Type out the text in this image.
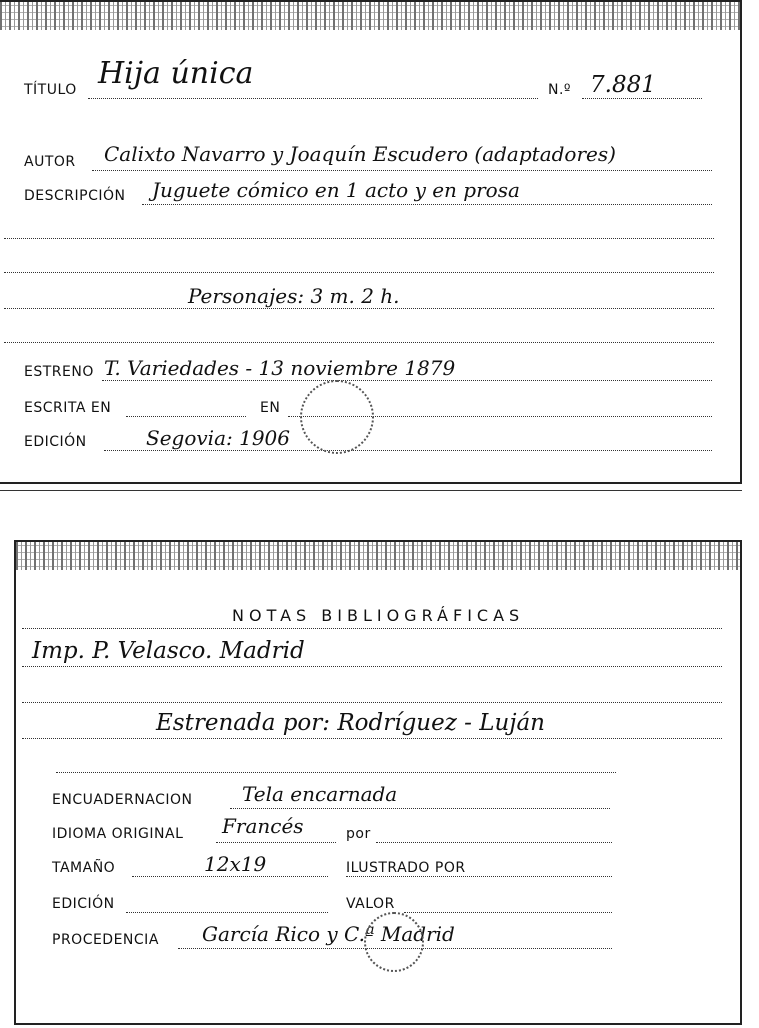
TÍTULO Hija única	N.º 7.881
AUTOR Calixto Navarro y Joaquín Escudero (adaptadores)
DESCRIPCIÓN Juguete cómico en 1 acto y en prosa
Personajes: 3 m. 2 h.
ESTRENO T. Variedades - 13 noviembre 1879
ESCRITA EN	EN
EDICIÓN	Segovia: 1906
NOTAS BIBLIOGRÁFICAS
Imp. P. Velasco. Madrid
Estrenada por: Rodríguez - Luján
ENCUADERNACION Tela encarnada
IDIOMA ORIGINAL Francés	por
TAMAÑO	12x19	ILUSTRADO POR
EDICIÓN	VALOR
PROCEDENCIA García Rico y C.ª Madrid
